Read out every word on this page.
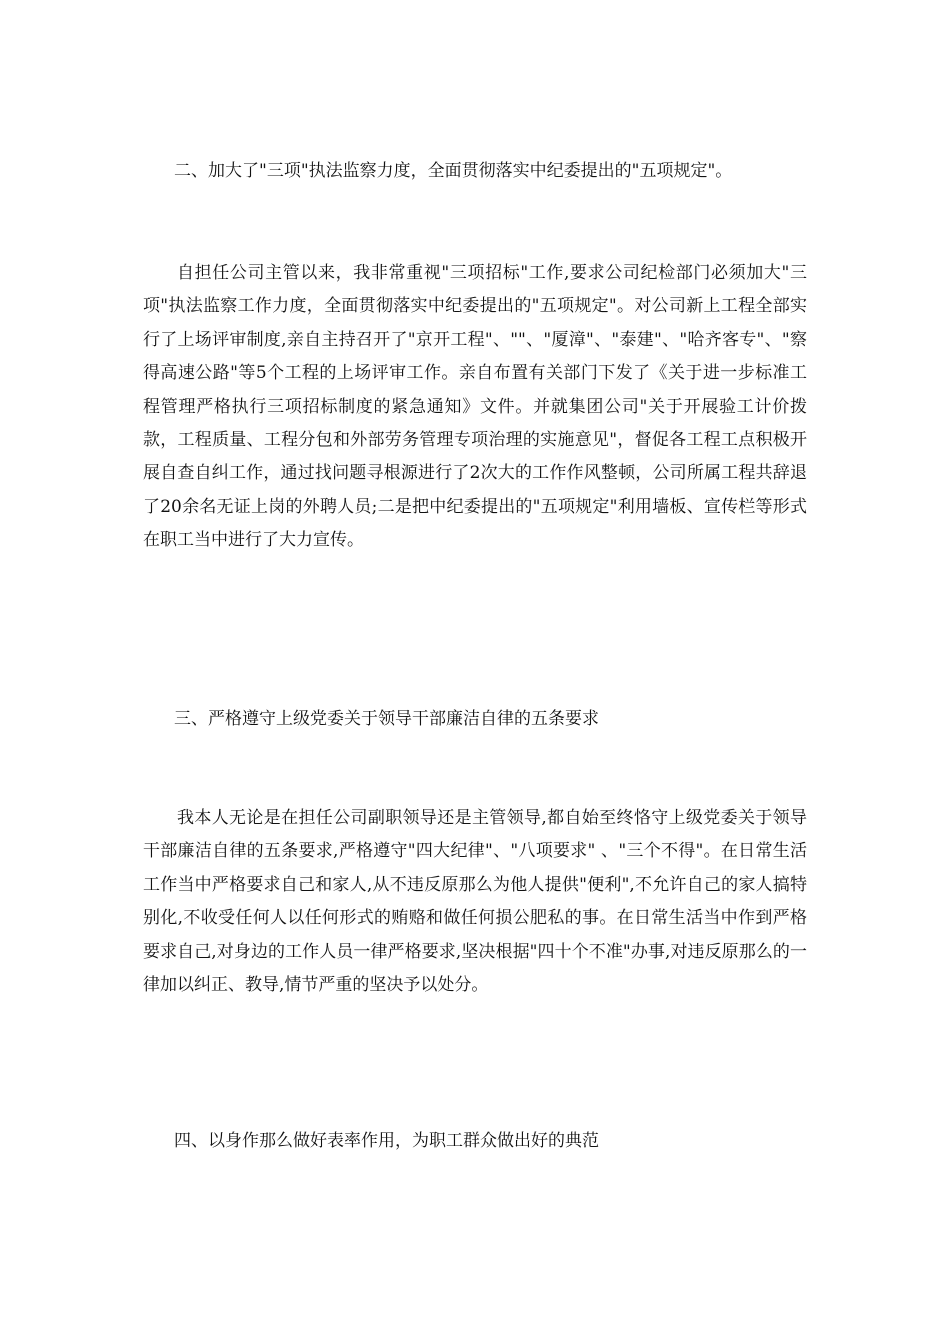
二、加大了"三项"执法监察力度，全面贯彻落实中纪委提出的"五项规定"。

自担任公司主管以来，我非常重视"三项招标"工作,要求公司纪检部门必须加大"三项"执法监察工作力度，全面贯彻落实中纪委提出的"五项规定"。对公司新上工程全部实行了上场评审制度,亲自主持召开了"京开工程"、""、"厦漳"、"泰建"、"哈齐客专"、"察得高速公路"等5个工程的上场评审工作。亲自布置有关部门下发了《关于进一步标准工程管理严格执行三项招标制度的紧急通知》文件。并就集团公司"关于开展验工计价拨款，工程质量、工程分包和外部劳务管理专项治理的实施意见"，督促各工程工点积极开展自查自纠工作，通过找问题寻根源进行了2次大的工作作风整顿，公司所属工程共辞退了20余名无证上岗的外聘人员;二是把中纪委提出的"五项规定"利用墙板、宣传栏等形式在职工当中进行了大力宣传。

三、严格遵守上级党委关于领导干部廉洁自律的五条要求

我本人无论是在担任公司副职领导还是主管领导,都自始至终恪守上级党委关于领导干部廉洁自律的五条要求,严格遵守"四大纪律"、"八项要求" 、"三个不得"。在日常生活工作当中严格要求自己和家人,从不违反原那么为他人提供"便利",不允许自己的家人搞特别化,不收受任何人以任何形式的贿赂和做任何损公肥私的事。在日常生活当中作到严格要求自己,对身边的工作人员一律严格要求,坚决根据"四十个不准"办事,对违反原那么的一律加以纠正、教导,情节严重的坚决予以处分。

四、以身作那么做好表率作用，为职工群众做出好的典范
